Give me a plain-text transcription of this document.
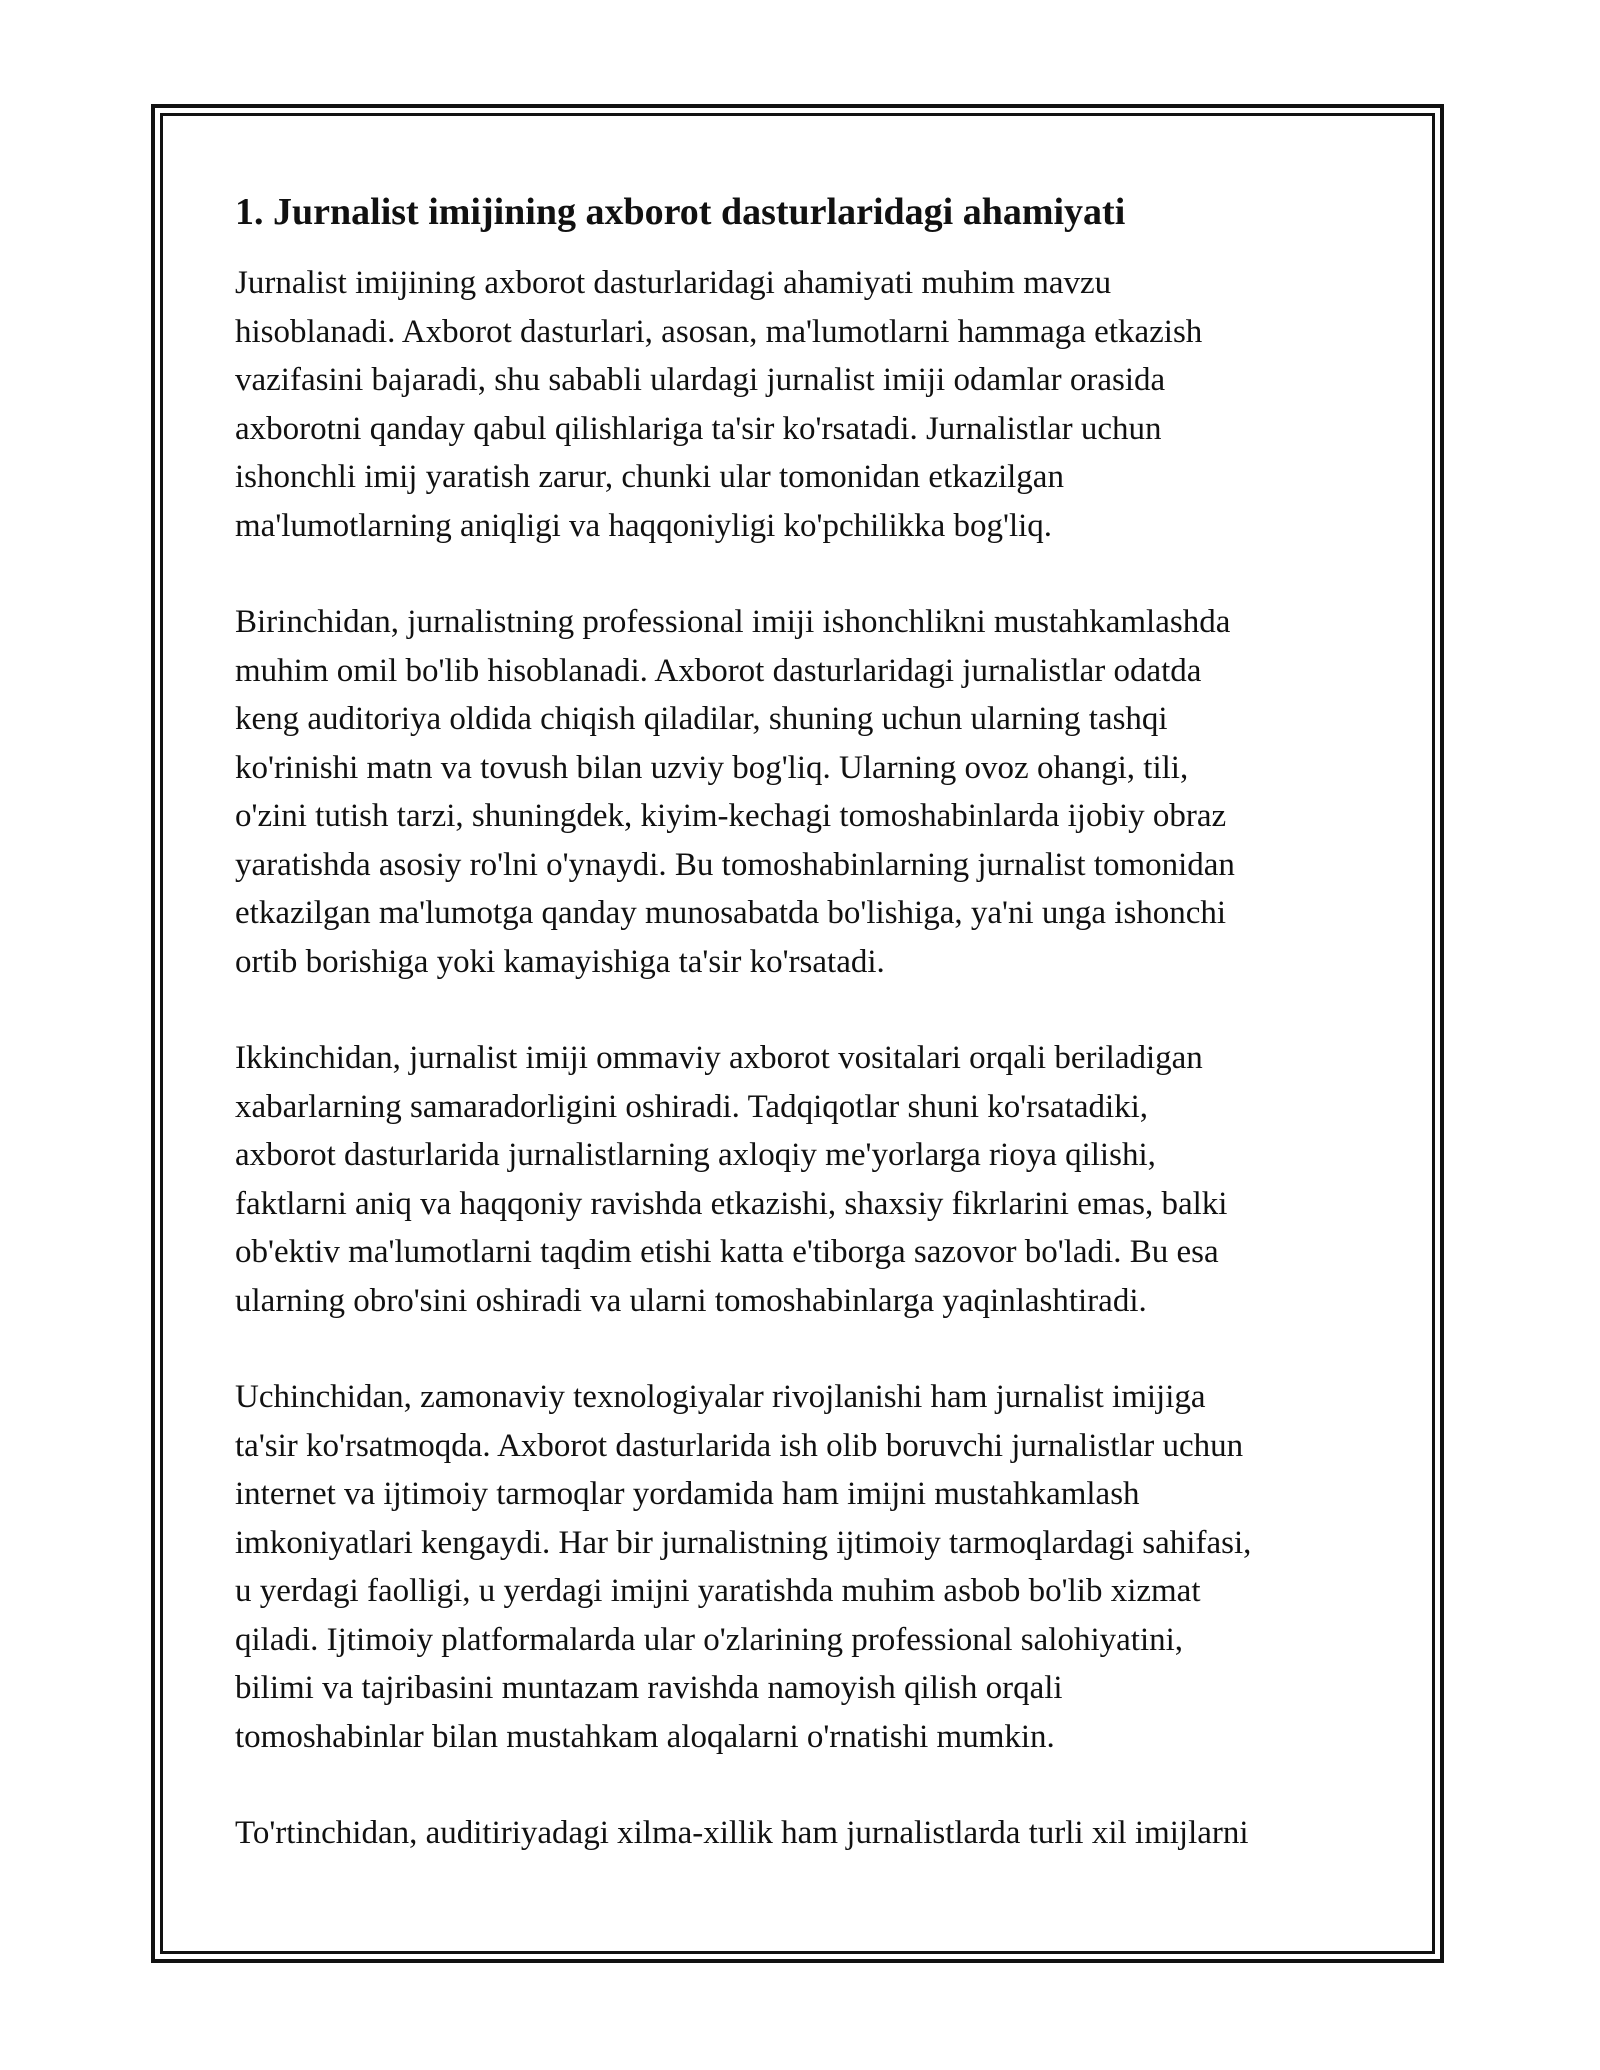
1. Jurnalist imijining axborot dasturlaridagi ahamiyati

Jurnalist imijining axborot dasturlaridagi ahamiyati muhim mavzu
hisoblanadi. Axborot dasturlari, asosan, ma'lumotlarni hammaga etkazish
vazifasini bajaradi, shu sababli ulardagi jurnalist imiji odamlar orasida
axborotni qanday qabul qilishlariga ta'sir ko'rsatadi. Jurnalistlar uchun
ishonchli imij yaratish zarur, chunki ular tomonidan etkazilgan
ma'lumotlarning aniqligi va haqqoniyligi ko'pchilikka bog'liq.

Birinchidan, jurnalistning professional imiji ishonchlikni mustahkamlashda
muhim omil bo'lib hisoblanadi. Axborot dasturlaridagi jurnalistlar odatda
keng auditoriya oldida chiqish qiladilar, shuning uchun ularning tashqi
ko'rinishi matn va tovush bilan uzviy bog'liq. Ularning ovoz ohangi, tili,
o'zini tutish tarzi, shuningdek, kiyim-kechagi tomoshabinlarda ijobiy obraz
yaratishda asosiy ro'lni o'ynaydi. Bu tomoshabinlarning jurnalist tomonidan
etkazilgan ma'lumotga qanday munosabatda bo'lishiga, ya'ni unga ishonchi
ortib borishiga yoki kamayishiga ta'sir ko'rsatadi.

Ikkinchidan, jurnalist imiji ommaviy axborot vositalari orqali beriladigan
xabarlarning samaradorligini oshiradi. Tadqiqotlar shuni ko'rsatadiki,
axborot dasturlarida jurnalistlarning axloqiy me'yorlarga rioya qilishi,
faktlarni aniq va haqqoniy ravishda etkazishi, shaxsiy fikrlarini emas, balki
ob'ektiv ma'lumotlarni taqdim etishi katta e'tiborga sazovor bo'ladi. Bu esa
ularning obro'sini oshiradi va ularni tomoshabinlarga yaqinlashtiradi.

Uchinchidan, zamonaviy texnologiyalar rivojlanishi ham jurnalist imijiga
ta'sir ko'rsatmoqda. Axborot dasturlarida ish olib boruvchi jurnalistlar uchun
internet va ijtimoiy tarmoqlar yordamida ham imijni mustahkamlash
imkoniyatlari kengaydi. Har bir jurnalistning ijtimoiy tarmoqlardagi sahifasi,
u yerdagi faolligi, u yerdagi imijni yaratishda muhim asbob bo'lib xizmat
qiladi. Ijtimoiy platformalarda ular o'zlarining professional salohiyatini,
bilimi va tajribasini muntazam ravishda namoyish qilish orqali
tomoshabinlar bilan mustahkam aloqalarni o'rnatishi mumkin.

To'rtinchidan, auditiriyadagi xilma-xillik ham jurnalistlarda turli xil imijlarni
